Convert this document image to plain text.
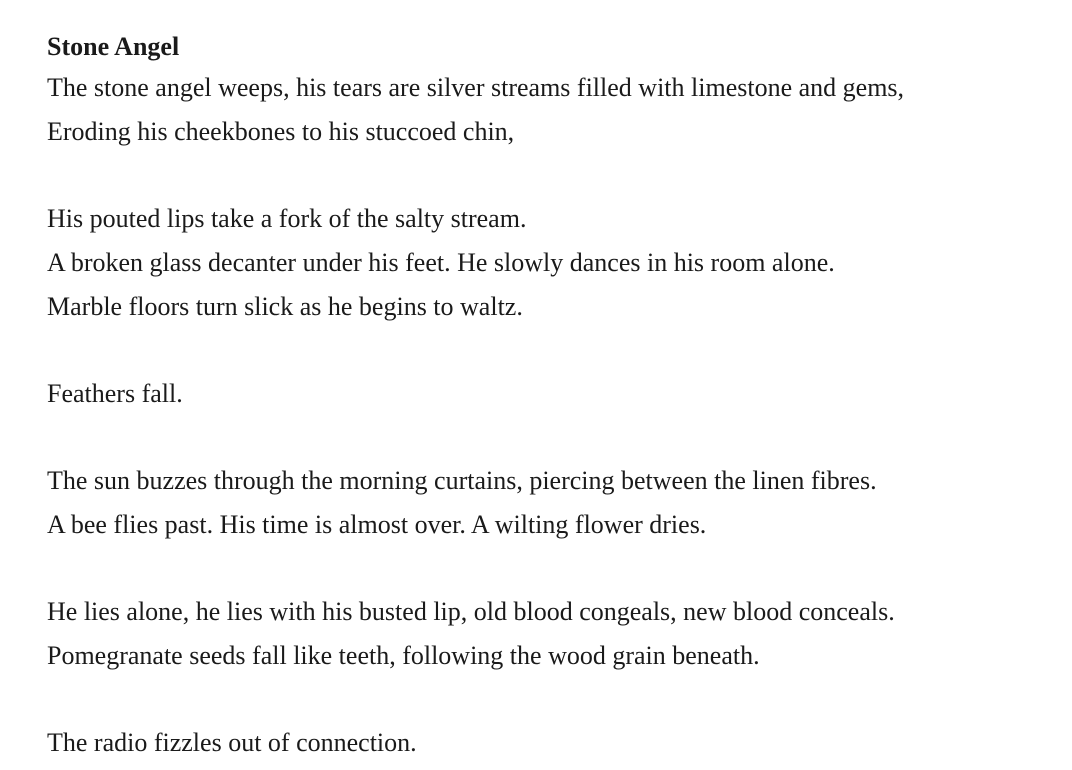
Stone Angel

The stone angel weeps, his tears are silver streams filled with limestone and gems,

Eroding his cheekbones to his stuccoed chin,

His pouted lips take a fork of the salty stream.

A broken glass decanter under his feet. He slowly dances in his room alone.

Marble floors turn slick as he begins to waltz.

Feathers fall.

The sun buzzes through the morning curtains, piercing between the linen fibres.

A bee flies past. His time is almost over. A wilting flower dries.

He lies alone, he lies with his busted lip, old blood congeals, new blood conceals.

Pomegranate seeds fall like teeth, following the wood grain beneath.

The radio fizzles out of connection.
